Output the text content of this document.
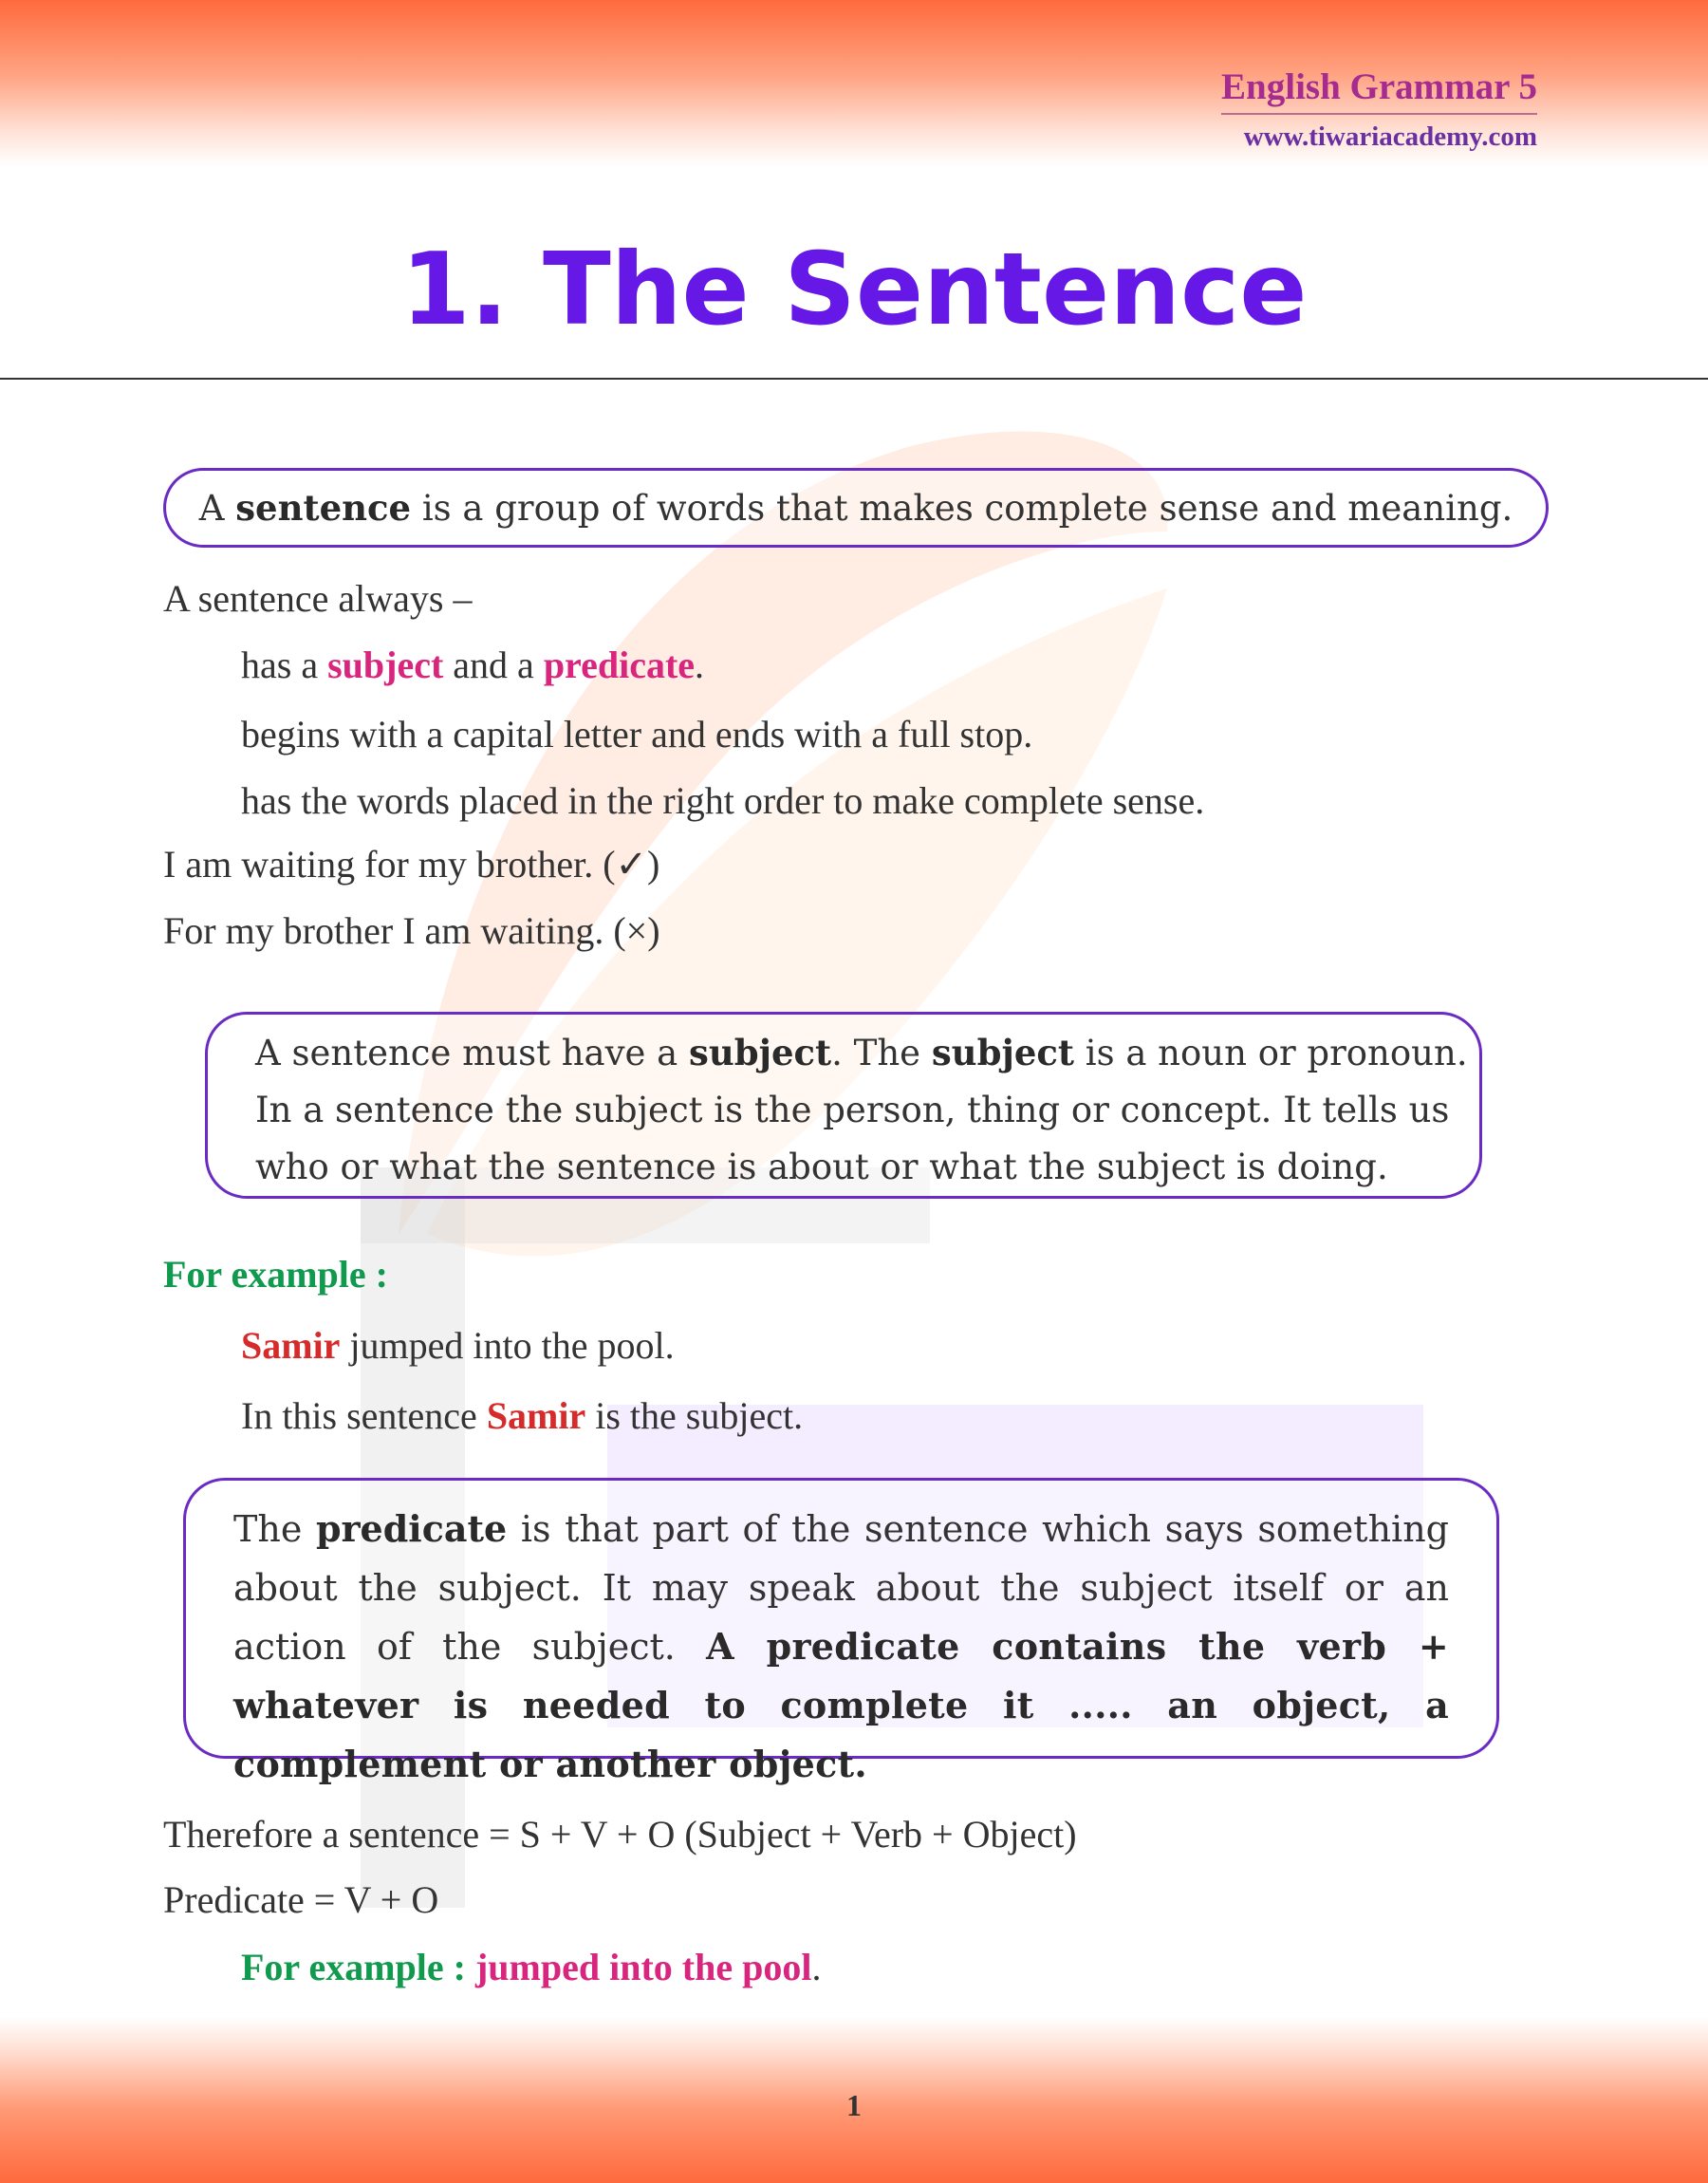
English Grammar 5
www.tiwariacademy.com
1. The Sentence
A sentence is a group of words that makes complete sense and meaning.
A sentence always –
has a subject and a predicate.
begins with a capital letter and ends with a full stop.
has the words placed in the right order to make complete sense.
I am waiting for my brother. (✓)
For my brother I am waiting. (×)
A sentence must have a subject. The subject is a noun or pronoun.
In a sentence the subject is the person, thing or concept. It tells us
who or what the sentence is about or what the subject is doing.
For example :
Samir jumped into the pool.
In this sentence Samir is the subject.
The predicate is that part of the sentence which says something about the subject. It may speak about the subject itself or an action of the subject. A predicate contains the verb + whatever is needed to complete it ..... an object, a complement or another object.
Therefore a sentence = S + V + O (Subject + Verb + Object)
Predicate = V + O
For example : jumped into the pool.
1
